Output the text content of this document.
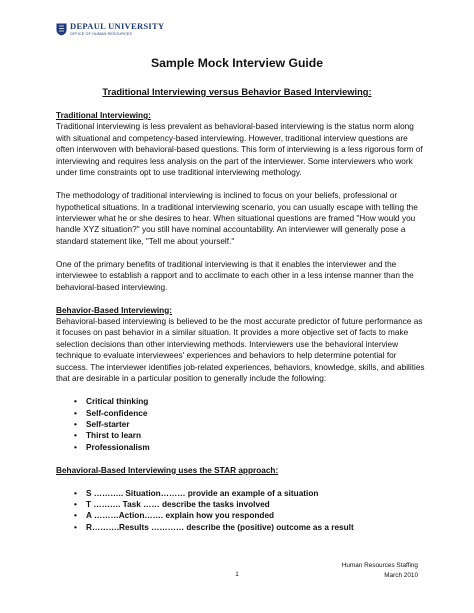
DEPAUL UNIVERSITY
OFFICE OF HUMAN RESOURCES
Sample Mock Interview Guide
Traditional Interviewing versus Behavior Based Interviewing:

Traditional Interviewing:

Traditional interviewing is less prevalent as behavioral-based interviewing is the status norm along with situational and competency-based interviewing. However, traditional interview questions are often interwoven with behavioral-based questions. This form of interviewing is a less rigorous form of interviewing and requires less analysis on the part of the interviewer. Some interviewers who work under time constraints opt to use traditional interviewing methology.

The methodology of traditional interviewing is inclined to focus on your beliefs, professional or hypothetical situations. In a traditional interviewing scenario, you can usually escape with telling the interviewer what he or she desires to hear. When situational questions are framed "How would you handle XYZ situation?" you still have nominal accountability. An interviewer will generally pose a standard statement like, "Tell me about yourself."

One of the primary benefits of traditional interviewing is that it enables the interviewer and the interviewee to establish a rapport and to acclimate to each other in a less intense manner than the behavioral-based interviewing.

Behavior-Based Interviewing:

Behavioral-based interviewing is believed to be the most accurate predictor of future performance as it focuses on past behavior in a similar situation. It provides a more objective set of facts to make selection decisions than other interviewing methods. Interviewers use the behavioral interview technique to evaluate interviewees' experiences and behaviors to help determine potential for success. The interviewer identifies job-related experiences, behaviors, knowledge, skills, and abilities that are desirable in a particular position to generally include the following:

• Critical thinking
• Self-confidence
• Self-starter
• Thirst to learn
• Professionalism

Behavioral-Based Interviewing uses the STAR approach:

• S ……….. Situation……… provide an example of a situation
• T ………. Task …… describe the tasks involved
• A ………Action……. explain how you responded
• R……….Results ………… describe the (positive) outcome as a result
Human Resources Staffing
March 2010
1
